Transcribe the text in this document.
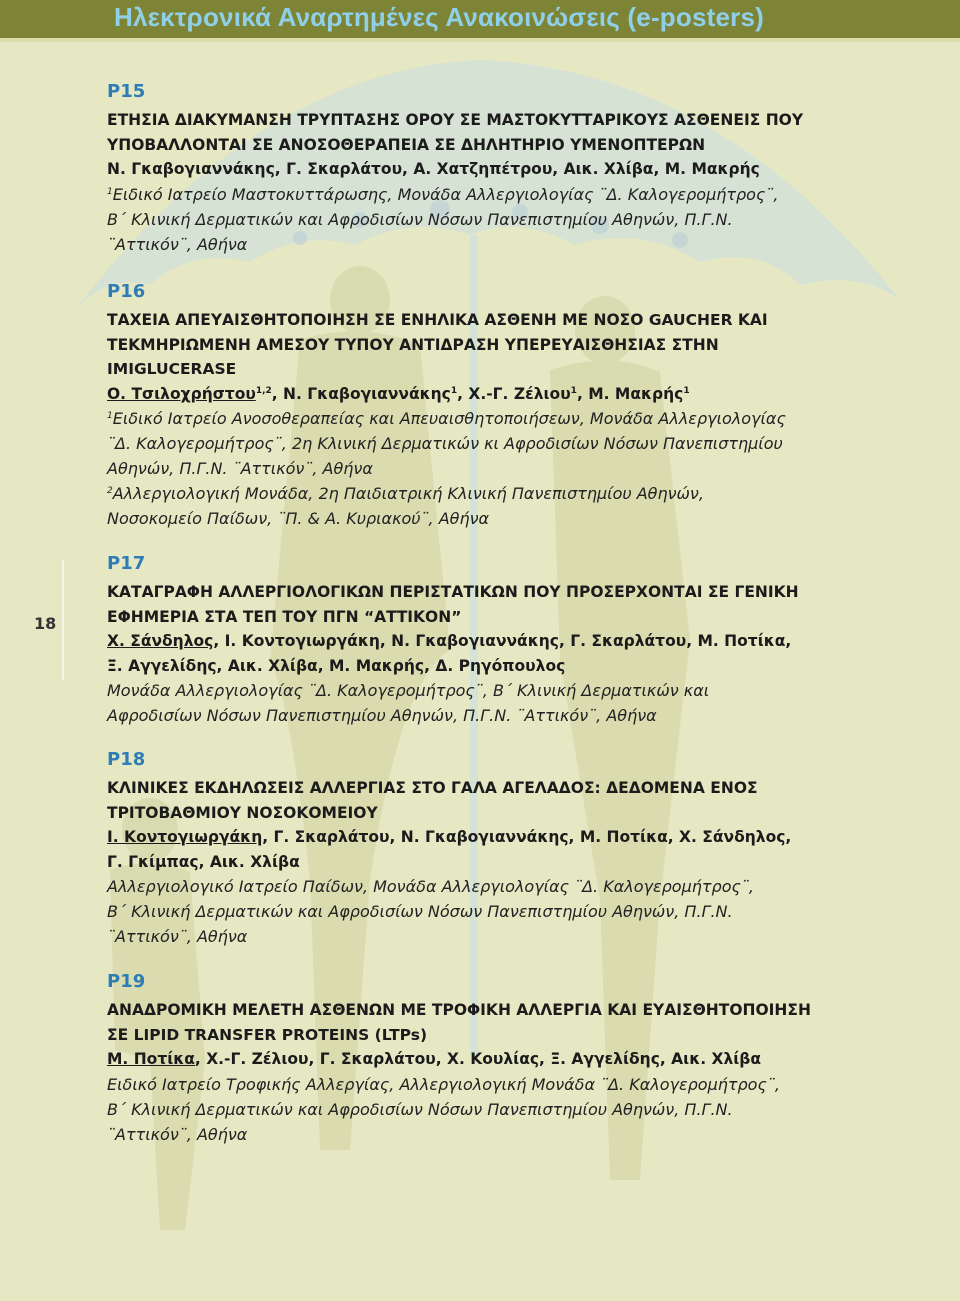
Ηλεκτρονικά Αναρτημένες Ανακοινώσεις (e-posters)
18
P15
ΕΤΗΣΙΑ ΔΙΑΚΥΜΑΝΣΗ ΤΡΥΠΤΑΣΗΣ ΟΡΟΥ ΣΕ ΜΑΣΤΟΚΥΤΤΑΡΙΚΟΥΣ ΑΣΘΕΝΕΙΣ ΠΟΥ
ΥΠΟΒΑΛΛΟΝΤΑΙ ΣΕ ΑΝΟΣΟΘΕΡΑΠΕΙΑ ΣΕ ΔΗΛΗΤΗΡΙΟ ΥΜΕΝΟΠΤΕΡΩΝ
Ν. Γκαβογιαννάκης, Γ. Σκαρλάτου, Α. Χατζηπέτρου, Αικ. Χλίβα, Μ. Μακρής
$^1$Ειδικό Ιατρείο Μαστοκυττάρωσης, Μονάδα Αλλεργιολογίας ¨Δ. Καλογερομήτρος¨,
Β΄ Κλινική Δερματικών και Αφροδισίων Νόσων Πανεπιστημίου Αθηνών, Π.Γ.Ν.
¨Αττικόν¨, Αθήνα
P16
ΤΑΧΕΙΑ ΑΠΕΥΑΙΣΘΗΤΟΠΟΙΗΣΗ ΣΕ ΕΝΗΛΙΚΑ ΑΣΘΕΝΗ ΜΕ ΝΟΣΟ GAUCHER ΚΑΙ
ΤΕΚΜΗΡΙΩΜΕΝΗ ΑΜΕΣΟΥ ΤΥΠΟΥ ΑΝΤΙΔΡΑΣΗ ΥΠΕΡΕΥΑΙΣΘΗΣΙΑΣ ΣΤΗΝ
IMIGLUCERASE
Ο. Τσιλοχρήστου$^{1,2}$, Ν. Γκαβογιαννάκης$^1$, Χ.-Γ. Ζέλιου$^1$, Μ. Μακρής$^1$
$^1$Ειδικό Ιατρείο Ανοσοθεραπείας και Απευαισθητοποιήσεων, Μονάδα Αλλεργιολογίας
¨Δ. Καλογερομήτρος¨, 2η Κλινική Δερματικών κι Αφροδισίων Νόσων Πανεπιστημίου
Αθηνών, Π.Γ.Ν. ¨Αττικόν¨, Αθήνα
$^2$Αλλεργιολογική Μονάδα, 2η Παιδιατρική Κλινική Πανεπιστημίου Αθηνών,
Νοσοκομείο Παίδων, ¨Π. & Α. Κυριακού¨, Αθήνα
P17
ΚΑΤΑΓΡΑΦΗ ΑΛΛΕΡΓΙΟΛΟΓΙΚΩΝ ΠΕΡΙΣΤΑΤΙΚΩΝ ΠΟΥ ΠΡΟΣΕΡΧΟΝΤΑΙ ΣΕ ΓΕΝΙΚΗ
ΕΦΗΜΕΡΙΑ ΣΤΑ ΤΕΠ ΤΟΥ ΠΓΝ “ΑΤΤΙΚΟΝ”
Χ. Σάνδηλος, Ι. Κοντογιωργάκη, Ν. Γκαβογιαννάκης, Γ. Σκαρλάτου, Μ. Ποτίκα,
Ξ. Αγγελίδης, Αικ. Χλίβα, Μ. Μακρής, Δ. Ρηγόπουλος
Μονάδα Αλλεργιολογίας ¨Δ. Καλογερομήτρος¨, Β΄ Κλινική Δερματικών και
Αφροδισίων Νόσων Πανεπιστημίου Αθηνών, Π.Γ.Ν. ¨Αττικόν¨, Αθήνα
P18
ΚΛΙΝΙΚΕΣ ΕΚΔΗΛΩΣΕΙΣ ΑΛΛΕΡΓΙΑΣ ΣΤΟ ΓΑΛΑ ΑΓΕΛΑΔΟΣ: ΔΕΔΟΜΕΝΑ ΕΝΟΣ
ΤΡΙΤΟΒΑΘΜΙΟΥ ΝΟΣΟΚΟΜΕΙΟΥ
Ι. Κοντογιωργάκη, Γ. Σκαρλάτου, Ν. Γκαβογιαννάκης, Μ. Ποτίκα, Χ. Σάνδηλος,
Γ. Γκίμπας, Αικ. Χλίβα
Αλλεργιολογικό Ιατρείο Παίδων, Μονάδα Αλλεργιολογίας ¨Δ. Καλογερομήτρος¨,
Β΄ Κλινική Δερματικών και Αφροδισίων Νόσων Πανεπιστημίου Αθηνών, Π.Γ.Ν.
¨Αττικόν¨, Αθήνα
P19
ΑΝΑΔΡΟΜΙΚΗ ΜΕΛΕΤΗ ΑΣΘΕΝΩΝ ΜΕ ΤΡΟΦΙΚΗ ΑΛΛΕΡΓΙΑ ΚΑΙ ΕΥΑΙΣΘΗΤΟΠΟΙΗΣΗ
ΣΕ LIPID TRANSFER PROTEINS (LTPs)
Μ. Ποτίκα, Χ.-Γ. Ζέλιου, Γ. Σκαρλάτου, Χ. Κουλίας, Ξ. Αγγελίδης, Αικ. Χλίβα
Ειδικό Ιατρείο Τροφικής Αλλεργίας, Αλλεργιολογική Μονάδα ¨Δ. Καλογερομήτρος¨,
Β΄ Κλινική Δερματικών και Αφροδισίων Νόσων Πανεπιστημίου Αθηνών, Π.Γ.Ν.
¨Αττικόν¨, Αθήνα
